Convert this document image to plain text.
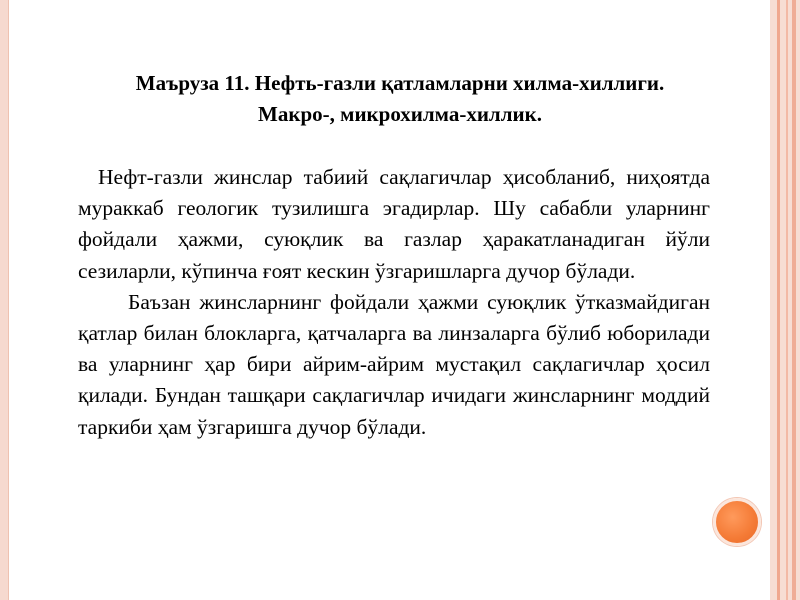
Маъруза 11. Нефть-газли қатламларни хилма-хиллиги. Макро-, микрохилма-хиллик.

Нефт-газли жинслар табиий сақлагичлар ҳисобланиб, ниҳоятда мураккаб геологик тузилишга эгадирлар. Шу сабабли уларнинг фойдали ҳажми, суюқлик ва газлар ҳаракатланадиган йўли сезиларли, кўпинча ғоят кескин ўзгаришларга дучор бўлади.

Баъзан жинсларнинг фойдали ҳажми суюқлик ўтказмайдиган қатлар билан блокларга, қатчаларга ва линзаларга бўлиб юборилади ва уларнинг ҳар бири айрим-айрим мустақил сақлагичлар ҳосил қилади. Бундан ташқари сақлагичлар ичидаги жинсларнинг моддий таркиби ҳам ўзгаришга дучор бўлади.
